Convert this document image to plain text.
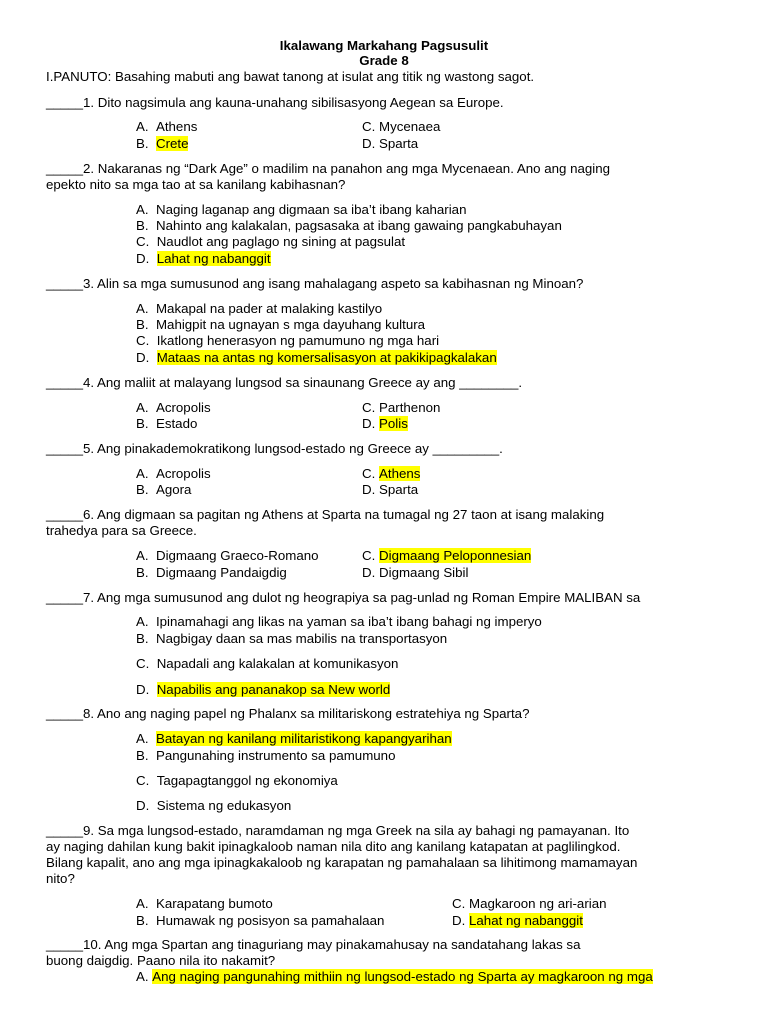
Ikalawang Markahang Pagsusulit
Grade 8
I.PANUTO: Basahing mabuti ang bawat tanong at isulat ang titik ng wastong sagot.
_____1. Dito nagsimula ang kauna-unahang sibilisasyong Aegean sa Europe.
A. Athens
B. Crete
C. Mycenaea
D. Sparta
_____2. Nakaranas ng “Dark Age” o madilim na panahon ang mga Mycenaean. Ano ang naging
epekto nito sa mga tao at sa kanilang kabihasnan?
A. Naging laganap ang digmaan sa iba’t ibang kaharian
B. Nahinto ang kalakalan, pagsasaka at ibang gawaing pangkabuhayan
C. Naudlot ang paglago ng sining at pagsulat
D. Lahat ng nabanggit
_____3. Alin sa mga sumusunod ang isang mahalagang aspeto sa kabihasnan ng Minoan?
A. Makapal na pader at malaking kastilyo
B. Mahigpit na ugnayan s mga dayuhang kultura
C. Ikatlong henerasyon ng pamumuno ng mga hari
D. Mataas na antas ng komersalisasyon at pakikipagkalakan
_____4. Ang maliit at malayang lungsod sa sinaunang Greece ay ang ________.
A. Acropolis
B. Estado
C. Parthenon
D. Polis
_____5. Ang pinakademokratikong lungsod-estado ng Greece ay _________.
A. Acropolis
B. Agora
C. Athens
D. Sparta
_____6. Ang digmaan sa pagitan ng Athens at Sparta na tumagal ng 27 taon at isang malaking
trahedya para sa Greece.
A. Digmaang Graeco-Romano
B. Digmaang Pandaigdig
C. Digmaang Peloponnesian
D. Digmaang Sibil
_____7. Ang mga sumusunod ang dulot ng heograpiya sa pag-unlad ng Roman Empire MALIBAN sa
A. Ipinamahagi ang likas na yaman sa iba’t ibang bahagi ng imperyo
B. Nagbigay daan sa mas mabilis na transportasyon
C. Napadali ang kalakalan at komunikasyon
D. Napabilis ang pananakop sa New world
_____8. Ano ang naging papel ng Phalanx sa militariskong estratehiya ng Sparta?
A. Batayan ng kanilang militaristikong kapangyarihan
B. Pangunahing instrumento sa pamumuno
C. Tagapagtanggol ng ekonomiya
D. Sistema ng edukasyon
_____9. Sa mga lungsod-estado, naramdaman ng mga Greek na sila ay bahagi ng pamayanan. Ito
ay naging dahilan kung bakit ipinagkaloob naman nila dito ang kanilang katapatan at paglilingkod.
Bilang kapalit, ano ang mga ipinagkakaloob ng karapatan ng pamahalaan sa lihitimong mamamayan
nito?
A. Karapatang bumoto
B. Humawak ng posisyon sa pamahalaan
C. Magkaroon ng ari-arian
D. Lahat ng nabanggit
_____10. Ang mga Spartan ang tinaguriang may pinakamahusay na sandatahang lakas sa
buong daigdig. Paano nila ito nakamit?
A. Ang naging pangunahing mithiin ng lungsod-estado ng Sparta ay magkaroon ng mga
